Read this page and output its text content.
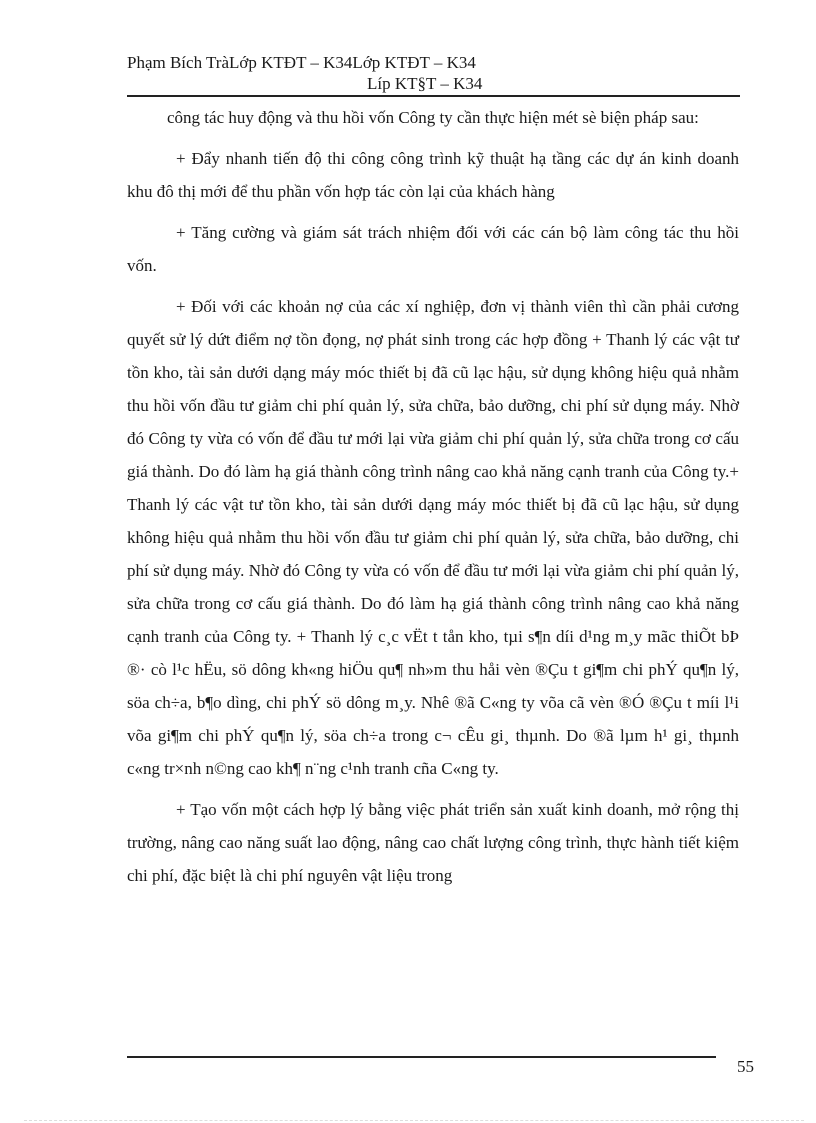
Phạm Bích TràLớp KTĐT – K34Lớp KTĐT – K34
Líp KT§T – K34

công tác huy động và thu hồi vốn Công ty cần thực hiện mét sè biện pháp sau:

+ Đẩy nhanh tiến độ thi công công trình kỹ thuật hạ tầng các dự án kinh doanh khu đô thị mới để thu phần vốn hợp tác còn lại của khách hàng

+ Tăng cường và giám sát trách nhiệm đối với các cán bộ làm công tác thu hồi vốn.

+ Đối với các khoản nợ của các xí nghiệp, đơn vị thành viên thì cần phải cương quyết sử lý dứt điểm nợ tồn đọng, nợ phát sinh trong các hợp đồng + Thanh lý các vật tư tồn kho, tài sản dưới dạng máy móc thiết bị đã cũ lạc hậu, sử dụng không hiệu quả nhằm thu hồi vốn đầu tư giảm chi phí quản lý, sửa chữa, bảo dưỡng, chi phí sử dụng máy. Nhờ đó Công ty vừa có vốn để đầu tư mới lại vừa giảm chi phí quản lý, sửa chữa trong cơ cấu giá thành. Do đó làm hạ giá thành công trình nâng cao khả năng cạnh tranh của Công ty.+ Thanh lý các vật tư tồn kho, tài sản dưới dạng máy móc thiết bị đã cũ lạc hậu, sử dụng không hiệu quả nhằm thu hồi vốn đầu tư giảm chi phí quản lý, sửa chữa, bảo dưỡng, chi phí sử dụng máy. Nhờ đó Công ty vừa có vốn để đầu tư mới lại vừa giảm chi phí quản lý, sửa chữa trong cơ cấu giá thành. Do đó làm hạ giá thành công trình nâng cao khả năng cạnh tranh của Công ty. + Thanh lý c¸c vËt t tån kho, tµi s¶n díi d¹ng m¸y mãc thiÕt bÞ ®· cò l¹c hËu, sö dông kh«ng hiÖu qu¶ nh»m thu håi vèn ®Çu t gi¶m chi phÝ qu¶n lý, söa ch÷a, b¶o dìng, chi phÝ sö dông m¸y. Nhê ®ã C«ng ty võa cã vèn ®Ó ®Çu t míi l¹i võa gi¶m chi phÝ qu¶n lý, söa ch÷a trong c¬ cÊu gi¸ thµnh. Do ®ã lµm h¹ gi¸ thµnh c«ng tr×nh n©ng cao kh¶ n¨ng c¹nh tranh cña C«ng ty.

+ Tạo vốn một cách hợp lý bằng việc phát triển sản xuất kinh doanh, mở rộng thị trường, nâng cao năng suất lao động, nâng cao chất lượng công trình, thực hành tiết kiệm chi phí, đặc biệt là chi phí nguyên vật liệu trong

55
